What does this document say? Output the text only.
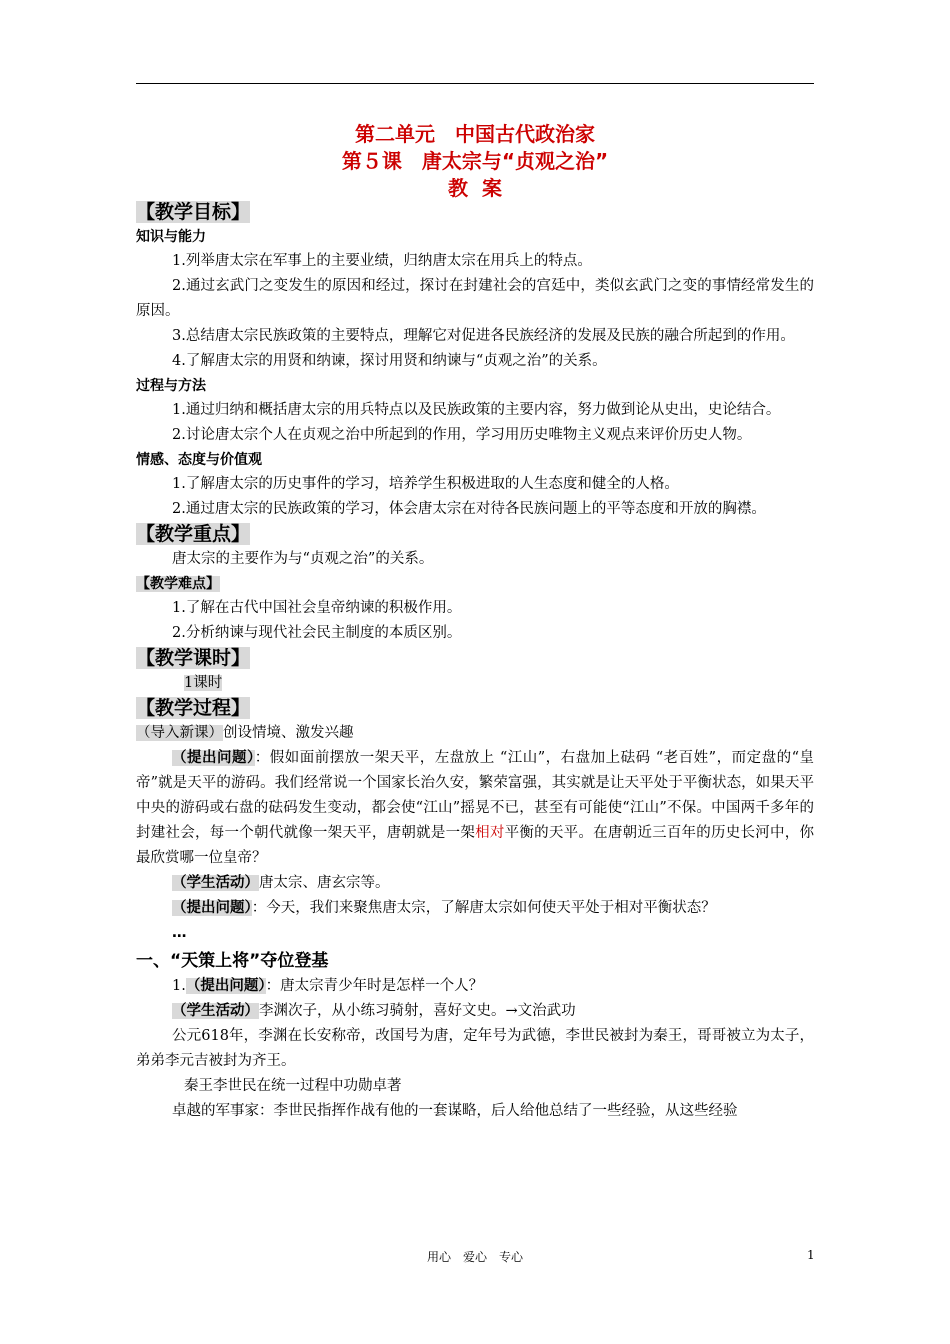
第二单元　中国古代政治家
第５课　唐太宗与“贞观之治”
教案
【教学目标】
知识与能力

1.列举唐太宗在军事上的主要业绩，归纳唐太宗在用兵上的特点。

2.通过玄武门之变发生的原因和经过，探讨在封建社会的宫廷中，类似玄武门之变的事情经常发生的原因。

3.总结唐太宗民族政策的主要特点，理解它对促进各民族经济的发展及民族的融合所起到的作用。

4.了解唐太宗的用贤和纳谏，探讨用贤和纳谏与“贞观之治”的关系。

过程与方法

1.通过归纳和概括唐太宗的用兵特点以及民族政策的主要内容，努力做到论从史出，史论结合。

2.讨论唐太宗个人在贞观之治中所起到的作用，学习用历史唯物主义观点来评价历史人物。

情感、态度与价值观

1.了解唐太宗的历史事件的学习，培养学生积极进取的人生态度和健全的人格。

2.通过唐太宗的民族政策的学习，体会唐太宗在对待各民族问题上的平等态度和开放的胸襟。

【教学重点】

唐太宗的主要作为与“贞观之治”的关系。

【教学难点】

1.了解在古代中国社会皇帝纳谏的积极作用。

2.分析纳谏与现代社会民主制度的本质区别。

【教学课时】

1课时

【教学过程】

（导入新课）创设情境、激发兴趣

（提出问题）：假如面前摆放一架天平，左盘放上 “江山”，右盘加上砝码 “老百姓”，而定盘的“皇帝”就是天平的游码。我们经常说一个国家长治久安，繁荣富强，其实就是让天平处于平衡状态，如果天平中央的游码或右盘的砝码发生变动，都会使“江山”摇晃不已，甚至有可能使“江山”不保。中国两千多年的封建社会，每一个朝代就像一架天平，唐朝就是一架相对平衡的天平。在唐朝近三百年的历史长河中，你最欣赏哪一位皇帝？

（学生活动）唐太宗、唐玄宗等。

（提出问题）：今天，我们来聚焦唐太宗，了解唐太宗如何使天平处于相对平衡状态？

…

一、“天策上将”夺位登基

1.（提出问题）：唐太宗青少年时是怎样一个人？

（学生活动）李渊次子，从小练习骑射，喜好文史。→文治武功

公元618年，李渊在长安称帝，改国号为唐，定年号为武德，李世民被封为秦王，哥哥被立为太子，弟弟李元吉被封为齐王。

秦王李世民在统一过程中功勋卓著

卓越的军事家：李世民指挥作战有他的一套谋略，后人给他总结了一些经验，从这些经验

用心　爱心　专心	1
